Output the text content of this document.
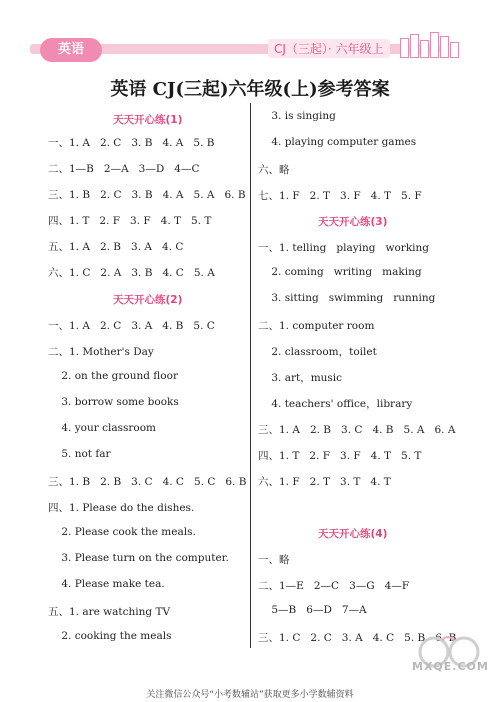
英语	CJ（三起）· 六年级上
英语 CJ(三起)六年级(上)参考答案
天天开心练(1)
一、1. A   2. C   3. B   4. A   5. B
二、1—B   2—A   3—D   4—C
三、1. B   2. C   3. B   4. A   5. A   6. B
四、1. T   2. F   3. F   4. T   5. T
五、1. A   2. B   3. A   4. C
六、1. C   2. A   3. B   4. C   5. A
天天开心练(2)
一、1. A   2. C   3. A   4. B   5. C
二、1. Mother's Day
2. on the ground floor
3. borrow some books
4. your classroom
5. not far
三、1. B   2. B   3. C   4. C   5. C   6. B
四、1. Please do the dishes.
2. Please cook the meals.
3. Please turn on the computer.
4. Please make tea.
五、1. are watching TV
2. cooking the meals
3. is singing
4. playing computer games
六、略
七、1. F   2. T   3. F   4. T   5. F
天天开心练(3)
一、1. telling   playing   working
2. coming   writing   making
3. sitting   swimming   running
二、1. computer room
2. classroom，toilet
3. art，music
4. teachers' office，library
三、1. A   2. B   3. C   4. B   5. A   6. A
四、1. T   2. F   3. F   4. T   5. T
六、1. F   2. T   3. T   4. T
天天开心练(4)
一、略
二、1—E   2—C   3—G   4—F
5—B   6—D   7—A
三、1. C   2. C   3. A   4. C   5. B   6. B
MXQE.COM
关注微信公众号“小考数辅站”获取更多小学数辅资料
